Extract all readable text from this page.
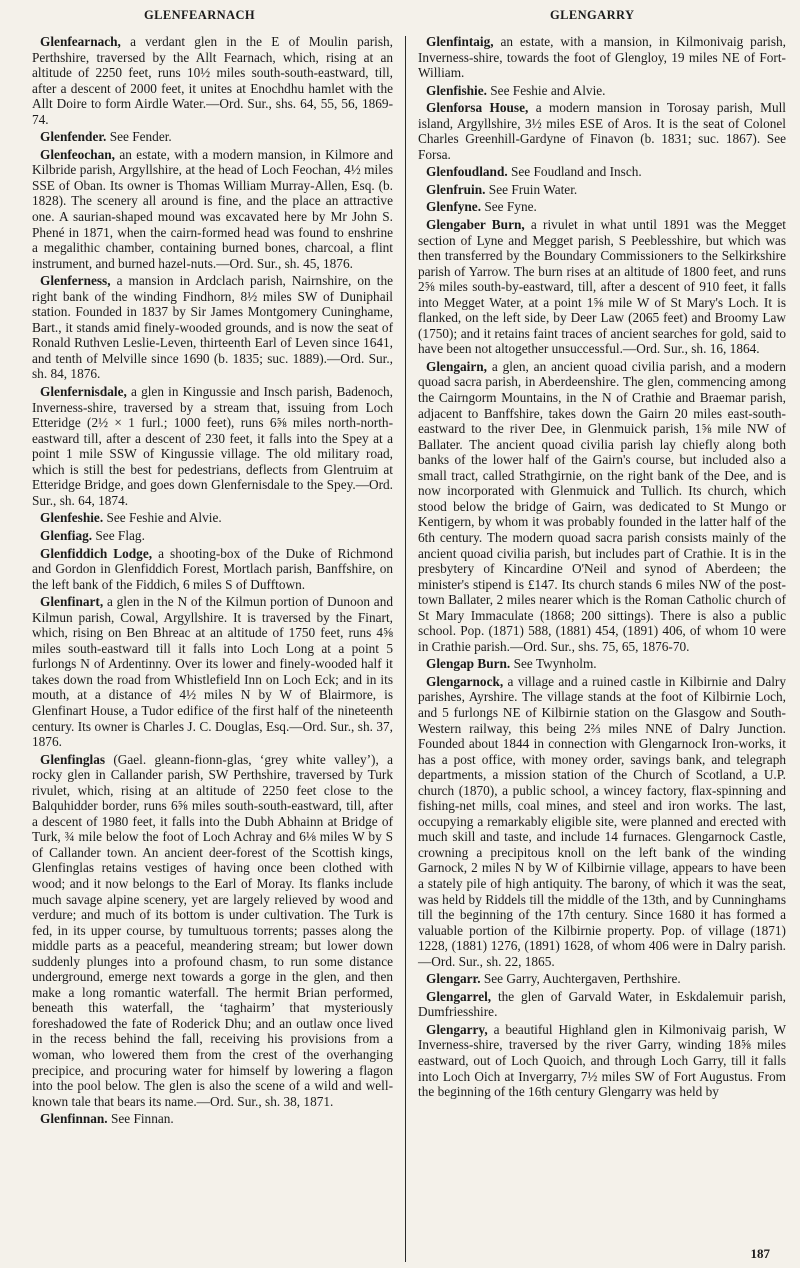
GLENFEARNACH	GLENGARRY

Glenfearnach, a verdant glen in the E of Moulin parish, Perthshire, traversed by the Allt Fearnach, which, rising at an altitude of 2250 feet, runs 10½ miles south-south-eastward, till, after a descent of 2000 feet, it unites at Enochdhu hamlet with the Allt Doire to form Airdle Water.—Ord. Sur., shs. 64, 55, 56, 1869-74.

Glenfender. See Fender.

Glenfeochan, an estate, with a modern mansion, in Kilmore and Kilbride parish, Argyllshire, at the head of Loch Feochan, 4½ miles SSE of Oban. Its owner is Thomas William Murray-Allen, Esq. (b. 1828). The scenery all around is fine, and the place an attractive one. A saurian-shaped mound was excavated here by Mr John S. Phené in 1871, when the cairn-formed head was found to enshrine a megalithic chamber, containing burned bones, charcoal, a flint instrument, and burned hazel-nuts.—Ord. Sur., sh. 45, 1876.

Glenferness, a mansion in Ardclach parish, Nairnshire, on the right bank of the winding Findhorn, 8½ miles SW of Duniphail station. Founded in 1837 by Sir James Montgomery Cuninghame, Bart., it stands amid finely-wooded grounds, and is now the seat of Ronald Ruthven Leslie-Leven, thirteenth Earl of Leven since 1641, and tenth of Melville since 1690 (b. 1835; suc. 1889).—Ord. Sur., sh. 84, 1876.

Glenfernisdale, a glen in Kingussie and Insch parish, Badenoch, Inverness-shire, traversed by a stream that, issuing from Loch Etteridge (2½ × 1 furl.; 1000 feet), runs 6⅝ miles north-north-eastward till, after a descent of 230 feet, it falls into the Spey at a point 1 mile SSW of Kingussie village. The old military road, which is still the best for pedestrians, deflects from Glentruim at Etteridge Bridge, and goes down Glenfernisdale to the Spey.—Ord. Sur., sh. 64, 1874.

Glenfeshie. See Feshie and Alvie.

Glenfiag. See Flag.

Glenfiddich Lodge, a shooting-box of the Duke of Richmond and Gordon in Glenfiddich Forest, Mortlach parish, Banffshire, on the left bank of the Fiddich, 6 miles S of Dufftown.

Glenfinart, a glen in the N of the Kilmun portion of Dunoon and Kilmun parish, Cowal, Argyllshire. It is traversed by the Finart, which, rising on Ben Bhreac at an altitude of 1750 feet, runs 4⅝ miles south-eastward till it falls into Loch Long at a point 5 furlongs N of Ardentinny. Over its lower and finely-wooded half it takes down the road from Whistlefield Inn on Loch Eck; and in its mouth, at a distance of 4½ miles N by W of Blairmore, is Glenfinart House, a Tudor edifice of the first half of the nineteenth century. Its owner is Charles J. C. Douglas, Esq.—Ord. Sur., sh. 37, 1876.

Glenfinglas (Gael. gleann-fionn-glas, ‘grey white valley’), a rocky glen in Callander parish, SW Perthshire, traversed by Turk rivulet, which, rising at an altitude of 2250 feet close to the Balquhidder border, runs 6⅝ miles south-south-eastward, till, after a descent of 1980 feet, it falls into the Dubh Abhainn at Bridge of Turk, ¾ mile below the foot of Loch Achray and 6⅛ miles W by S of Callander town. An ancient deer-forest of the Scottish kings, Glenfinglas retains vestiges of having once been clothed with wood; and it now belongs to the Earl of Moray. Its flanks include much savage alpine scenery, yet are largely relieved by wood and verdure; and much of its bottom is under cultivation. The Turk is fed, in its upper course, by tumultuous torrents; passes along the middle parts as a peaceful, meandering stream; but lower down suddenly plunges into a profound chasm, to run some distance underground, emerge next towards a gorge in the glen, and then make a long romantic waterfall. The hermit Brian performed, beneath this waterfall, the ‘taghairm’ that mysteriously foreshadowed the fate of Roderick Dhu; and an outlaw once lived in the recess behind the fall, receiving his provisions from a woman, who lowered them from the crest of the overhanging precipice, and procuring water for himself by lowering a flagon into the pool below. The glen is also the scene of a wild and well-known tale that bears its name.—Ord. Sur., sh. 38, 1871.

Glenfinnan. See Finnan.

Glenfintaig, an estate, with a mansion, in Kilmonivaig parish, Inverness-shire, towards the foot of Glengloy, 19 miles NE of Fort-William.

Glenfishie. See Feshie and Alvie.

Glenforsa House, a modern mansion in Torosay parish, Mull island, Argyllshire, 3½ miles ESE of Aros. It is the seat of Colonel Charles Greenhill-Gardyne of Finavon (b. 1831; suc. 1867). See Forsa.

Glenfoudland. See Foudland and Insch.

Glenfruin. See Fruin Water.

Glenfyne. See Fyne.

Glengaber Burn, a rivulet in what until 1891 was the Megget section of Lyne and Megget parish, S Peeblesshire, but which was then transferred by the Boundary Commissioners to the Selkirkshire parish of Yarrow. The burn rises at an altitude of 1800 feet, and runs 2⅝ miles south-by-eastward, till, after a descent of 910 feet, it falls into Megget Water, at a point 1⅝ mile W of St Mary's Loch. It is flanked, on the left side, by Deer Law (2065 feet) and Broomy Law (1750); and it retains faint traces of ancient searches for gold, said to have been not altogether unsuccessful.—Ord. Sur., sh. 16, 1864.

Glengairn, a glen, an ancient quoad civilia parish, and a modern quoad sacra parish, in Aberdeenshire. The glen, commencing among the Cairngorm Mountains, in the N of Crathie and Braemar parish, adjacent to Banffshire, takes down the Gairn 20 miles east-south-eastward to the river Dee, in Glenmuick parish, 1⅝ mile NW of Ballater. The ancient quoad civilia parish lay chiefly along both banks of the lower half of the Gairn's course, but included also a small tract, called Strathgirnie, on the right bank of the Dee, and is now incorporated with Glenmuick and Tullich. Its church, which stood below the bridge of Gairn, was dedicated to St Mungo or Kentigern, by whom it was probably founded in the latter half of the 6th century. The modern quoad sacra parish consists mainly of the ancient quoad civilia parish, but includes part of Crathie. It is in the presbytery of Kincardine O'Neil and synod of Aberdeen; the minister's stipend is £147. Its church stands 6 miles NW of the post-town Ballater, 2 miles nearer which is the Roman Catholic church of St Mary Immaculate (1868; 200 sittings). There is also a public school. Pop. (1871) 588, (1881) 454, (1891) 406, of whom 10 were in Crathie parish.—Ord. Sur., shs. 75, 65, 1876-70.

Glengap Burn. See Twynholm.

Glengarnock, a village and a ruined castle in Kilbirnie and Dalry parishes, Ayrshire. The village stands at the foot of Kilbirnie Loch, and 5 furlongs NE of Kilbirnie station on the Glasgow and South-Western railway, this being 2⅔ miles NNE of Dalry Junction. Founded about 1844 in connection with Glengarnock Iron-works, it has a post office, with money order, savings bank, and telegraph departments, a mission station of the Church of Scotland, a U.P. church (1870), a public school, a wincey factory, flax-spinning and fishing-net mills, coal mines, and steel and iron works. The last, occupying a remarkably eligible site, were planned and erected with much skill and taste, and include 14 furnaces. Glengarnock Castle, crowning a precipitous knoll on the left bank of the winding Garnock, 2 miles N by W of Kilbirnie village, appears to have been a stately pile of high antiquity. The barony, of which it was the seat, was held by Riddels till the middle of the 13th, and by Cunninghams till the beginning of the 17th century. Since 1680 it has formed a valuable portion of the Kilbirnie property. Pop. of village (1871) 1228, (1881) 1276, (1891) 1628, of whom 406 were in Dalry parish.—Ord. Sur., sh. 22, 1865.

Glengarr. See Garry, Auchtergaven, Perthshire.

Glengarrel, the glen of Garvald Water, in Eskdalemuir parish, Dumfriesshire.

Glengarry, a beautiful Highland glen in Kilmonivaig parish, W Inverness-shire, traversed by the river Garry, winding 18⅝ miles eastward, out of Loch Quoich, and through Loch Garry, till it falls into Loch Oich at Invergarry, 7½ miles SW of Fort Augustus. From the beginning of the 16th century Glengarry was held by

187
